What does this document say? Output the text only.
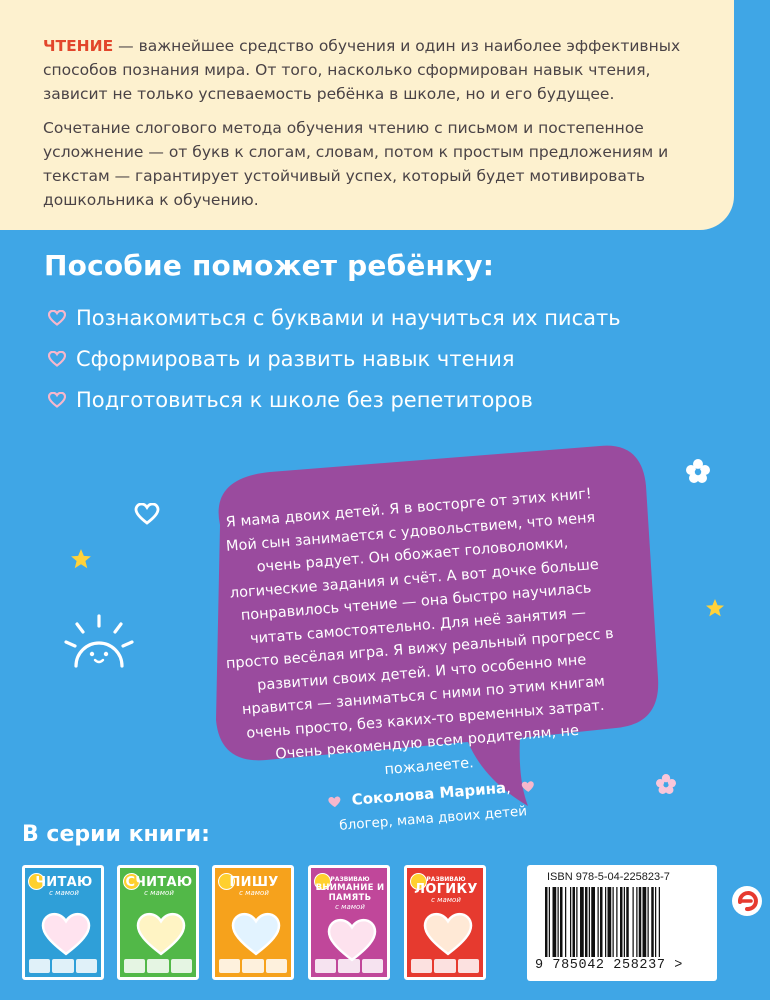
ЧТЕНИЕ — важнейшее средство обучения и один из наиболее эффективных способов познания мира. От того, насколько сформирован навык чтения, зависит не только успеваемость ребёнка в школе, но и его будущее.

Сочетание слогового метода обучения чтению с письмом и постепенное усложнение — от букв к слогам, словам, потом к простым предложениям и текстам — гарантирует устойчивый успех, который будет мотивировать дошкольника к обучению.

Пособие поможет ребёнку:
Познакомиться с буквами и научиться их писать
Сформировать и развить навык чтения
Подготовиться к школе без репетиторов

Я мама двоих детей. Я в восторге от этих книг! Мой сын занимается с удовольствием, что меня очень радует. Он обожает головоломки, логические задания и счёт. А вот дочке больше понравилось чтение — она быстро научилась читать самостоятельно. Для неё занятия — просто весёлая игра. Я вижу реальный прогресс в развитии своих детей. И что особенно мне нравится — заниматься с ними по этим книгам очень просто, без каких-то временных затрат. Очень рекомендую всем родителям, не пожалеете.

Соколова Марина,
блогер, мама двоих детей
В серии книги:
ЧИТАЮ
с мамой
СЧИТАЮ
с мамой
ПИШУ
с мамой
РАЗВИВАЮ
ВНИМАНИЕ И ПАМЯТЬ
с мамой
РАЗВИВАЮ
ЛОГИКУ
с мамой
ISBN 978-5-04-225823-7
9 785042 258237 >
